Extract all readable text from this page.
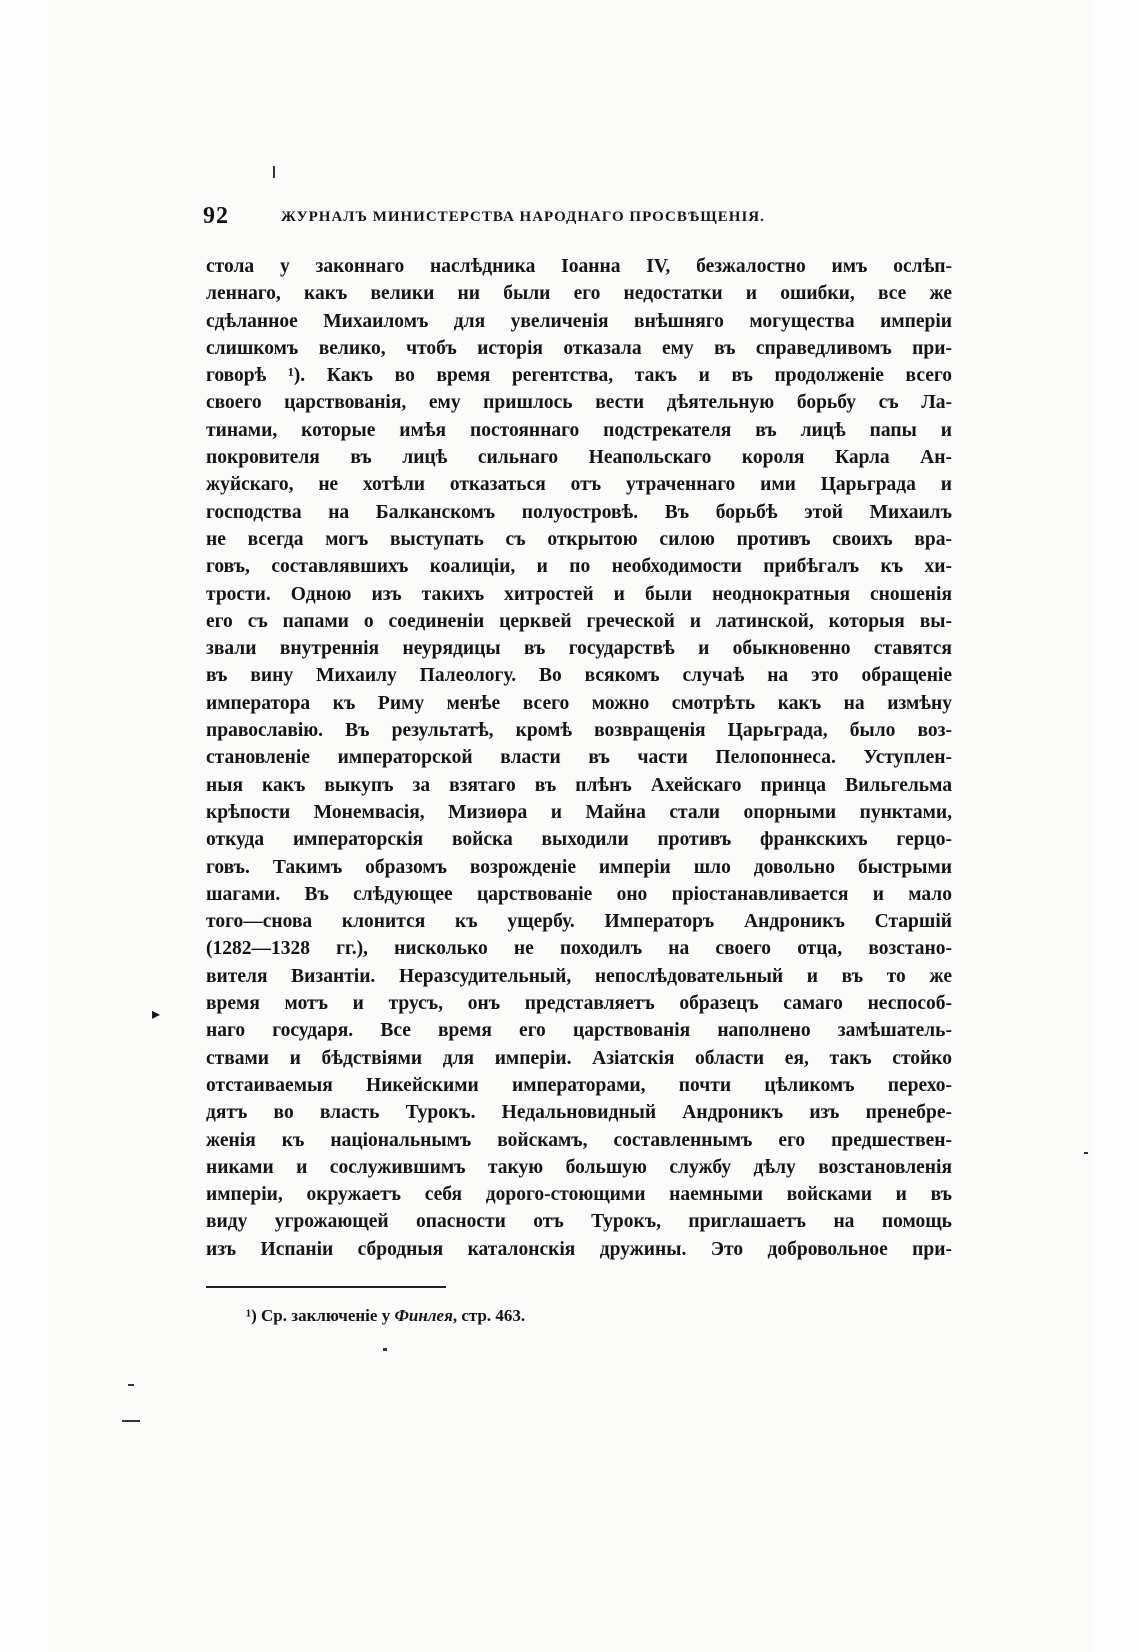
92	ЖУРНАЛЪ МИНИСТЕРСТВА НАРОДНАГО ПРОСВѢЩЕНІЯ.
стола у законнаго наслѣдника Іоанна IV, безжалостно имъ ослѣп-
леннаго, какъ велики ни были его недостатки и ошибки, все же
сдѣланное Михаиломъ для увеличенія внѣшняго могущества имперіи
слишкомъ велико, чтобъ исторія отказала ему въ справедливомъ при-
говорѣ ¹). Какъ во время регентства, такъ и въ продолженіе всего
своего царствованія, ему пришлось вести дѣятельную борьбу съ Ла-
тинами, которые имѣя постояннаго подстрекателя въ лицѣ папы и
покровителя въ лицѣ сильнаго Неапольскаго короля Карла Ан-
жуйскаго, не хотѣли отказаться отъ утраченнаго ими Царьграда и
господства на Балканскомъ полуостровѣ. Въ борьбѣ этой Михаилъ
не всегда могъ выступать съ открытою силою противъ своихъ вра-
говъ, составлявшихъ коалиціи, и по необходимости прибѣгалъ къ хи-
трости. Одною изъ такихъ хитростей и были неоднократныя сношенія
его съ папами о соединеніи церквей греческой и латинской, которыя вы-
звали внутреннія неурядицы въ государствѣ и обыкновенно ставятся
въ вину Михаилу Палеологу. Во всякомъ случаѣ на это обращеніе
императора къ Риму менѣе всего можно смотрѣть какъ на измѣну
православію. Въ результатѣ, кромѣ возвращенія Царьграда, было воз-
становленіе императорской власти въ части Пелопоннеса. Уступлен-
ныя какъ выкупъ за взятаго въ плѣнъ Ахейскаго принца Вильгельма
крѣпости Монемвасія, Мизиөра и Майна стали опорными пунктами,
откуда императорскія войска выходили противъ франкскихъ герцо-
говъ. Такимъ образомъ возрожденіе имперіи шло довольно быстрыми
шагами. Въ слѣдующее царствованіе оно пріостанавливается и мало
того—снова клонится къ ущербу. Императоръ Андроникъ Старшій
(1282—1328 гг.), нисколько не походилъ на своего отца, возстано-
вителя Византіи. Неразсудительный, непослѣдовательный и въ то же
время мотъ и трусъ, онъ представляетъ образецъ самаго неспособ-
наго государя. Все время его царствованія наполнено замѣшатель-
ствами и бѣдствіями для имперіи. Азіатскія области ея, такъ стойко
отстаиваемыя Никейскими императорами, почти цѣликомъ перехо-
дятъ во власть Турокъ. Недальновидный Андроникъ изъ пренебре-
женія къ національнымъ войскамъ, составленнымъ его предшествен-
никами и сослужившимъ такую большую службу дѣлу возстановленія
имперіи, окружаетъ себя дорого-стоющими наемными войсками и въ
виду угрожающей опасности отъ Турокъ, приглашаетъ на помощь
изъ Испаніи сбродныя каталонскія дружины. Это добровольное при-
¹) Ср. заключеніе у Финлея, стр. 463.
▸
